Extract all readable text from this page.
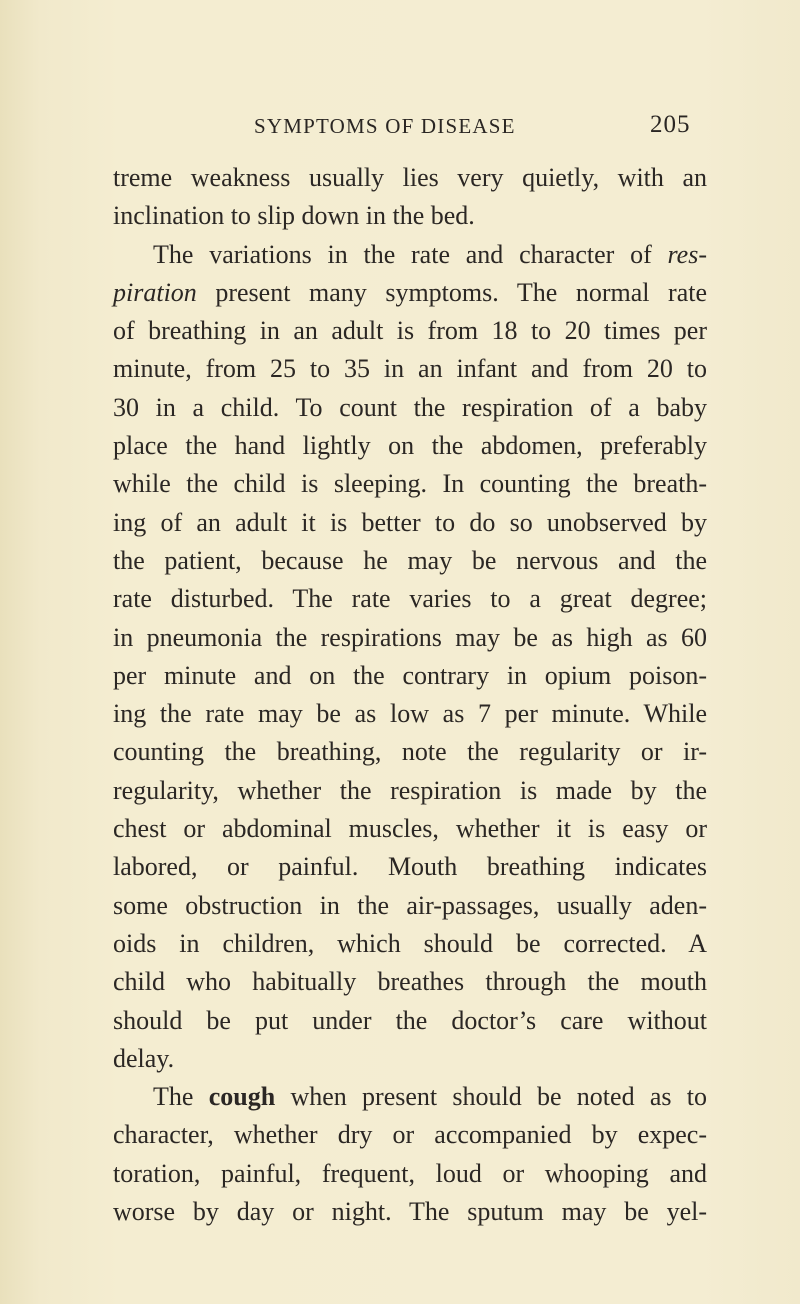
SYMPTOMS OF DISEASE	205
treme weakness usually lies very quietly, with an
inclination to slip down in the bed.
The variations in the rate and character of res-
piration present many symptoms. The normal rate
of breathing in an adult is from 18 to 20 times per
minute, from 25 to 35 in an infant and from 20 to
30 in a child. To count the respiration of a baby
place the hand lightly on the abdomen, preferably
while the child is sleeping. In counting the breath-
ing of an adult it is better to do so unobserved by
the patient, because he may be nervous and the
rate disturbed. The rate varies to a great degree;
in pneumonia the respirations may be as high as 60
per minute and on the contrary in opium poison-
ing the rate may be as low as 7 per minute. While
counting the breathing, note the regularity or ir-
regularity, whether the respiration is made by the
chest or abdominal muscles, whether it is easy or
labored, or painful. Mouth breathing indicates
some obstruction in the air-passages, usually aden-
oids in children, which should be corrected. A
child who habitually breathes through the mouth
should be put under the doctor’s care without
delay.
The cough when present should be noted as to
character, whether dry or accompanied by expec-
toration, painful, frequent, loud or whooping and
worse by day or night. The sputum may be yel-
